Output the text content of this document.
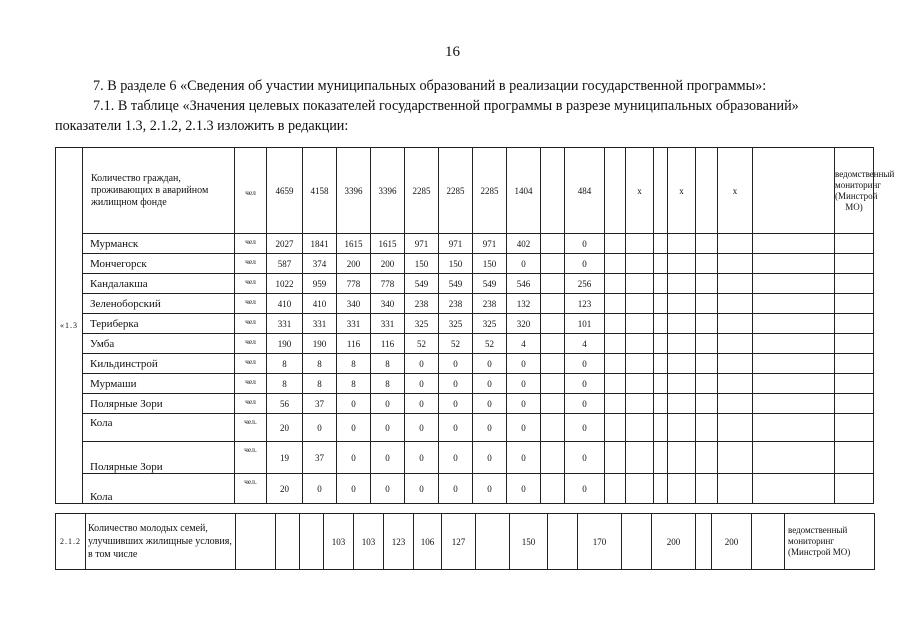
16

7. В разделе 6 «Сведения об участии муниципальных образований в реализации государственной программы»:

7.1. В таблице «Значения целевых показателей государственной программы в разрезе муниципальных образований»

показатели 1.3, 2.1.2, 2.1.3 изложить в редакции:

«1.3	Количество граждан, проживающих в аварийном жилищном фонде	чел	4659	4158	3396	3396	2285	2285	2285	1404		484		х		х		х		ведомственный мониторинг (Минстрой МО)
	Мурманск	чел	2027	1841	1615	1615	971	971	971	402		0								
	Мончегорск	чел	587	374	200	200	150	150	150	0		0								
	Кандалакша	чел	1022	959	778	778	549	549	549	546		256								
	Зеленоборский	чел	410	410	340	340	238	238	238	132		123								
	Териберка	чел	331	331	331	331	325	325	325	320		101								
	Умба	чел	190	190	116	116	52	52	52	4		4								
	Кильдинстрой	чел	8	8	8	8	0	0	0	0		0								
	Мурмаши	чел	8	8	8	8	0	0	0	0		0								
	Полярные Зори	чел	56	37	0	0	0	0	0	0		0								
	Кола	чел.	20	0	0	0	0	0	0	0		0								
	Полярные Зори	чел.	19	37	0	0	0	0	0	0		0								
	Кола	чел.	20	0	0	0	0	0	0	0		0								
2.1.2	Количество молодых семей, улучшивших жилищные условия, в том числе				103	103	123	106	127		150		170		200		200		ведомственный мониторинг (Минстрой МО)
